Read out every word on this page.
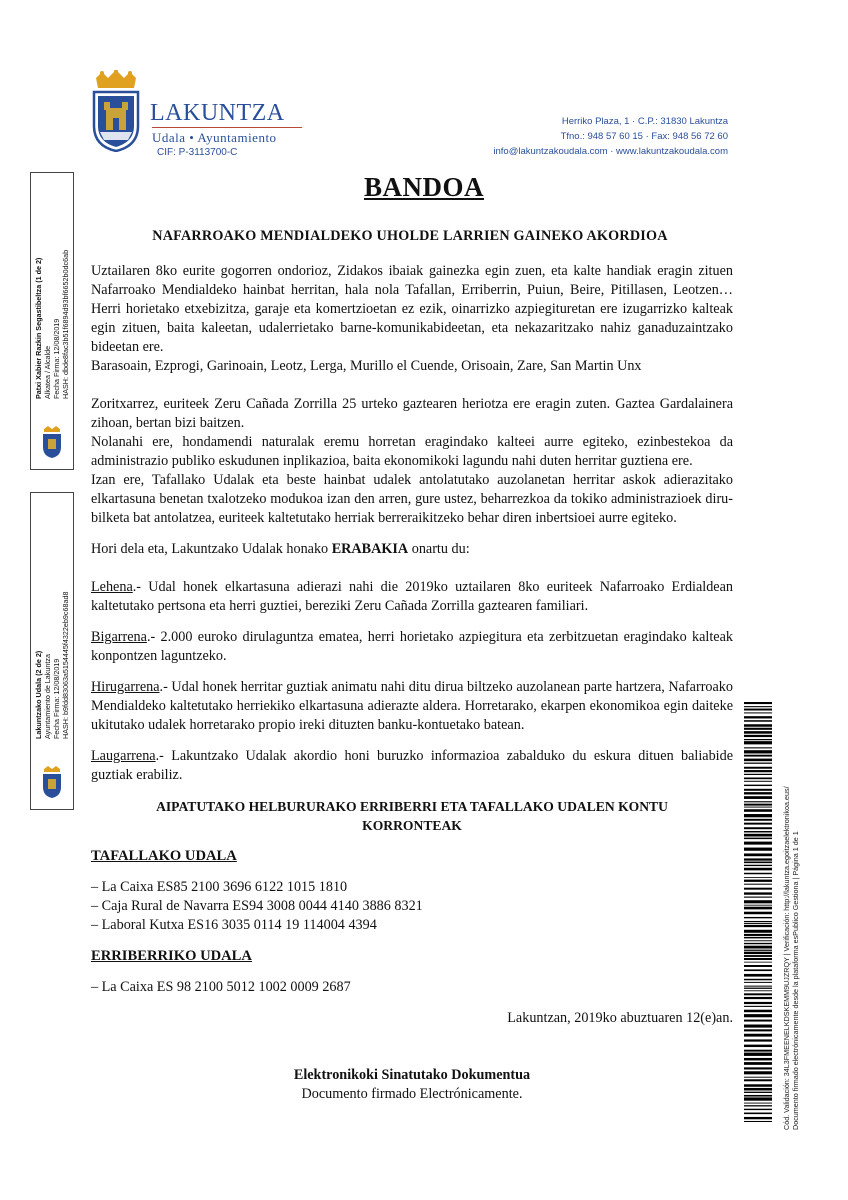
LAKUNTZA
Udala • Ayuntamiento
CIF: P-3113700-C
Herriko Plaza, 1 · C.P.: 31830 Lakuntza
Tfno.: 948 57 60 15 · Fax: 948 56 72 60
info@lakuntzakoudala.com · www.lakuntzakoudala.com
Patxi Xabier Razkin Segastibeltza (1 de 2) Alkatea / Alcalde Fecha Firma: 12/08/2019 HASH: dbde8fac3b51f6894d93bf6652b0dc6ab
Lakuntzako Udala (2 de 2) Ayuntamiento de Lakuntza Fecha Firma: 12/08/2019 HASH: b9fdd83063a5154445f4322eb9c68ad8
Cód. Validación: 34L3FMEENELKDSKEMM9UJZRQY | Verificación: http://lakuntza.egoitzaelektronikoa.eus/ Documento firmado electrónicamente desde la plataforma esPublico Gestiona | Página 1 de 1
BANDOA
NAFARROAKO MENDIALDEKO UHOLDE LARRIEN GAINEKO AKORDIOA

Uztailaren 8ko eurite gogorren ondorioz, Zidakos ibaiak gainezka egin zuen, eta kalte handiak eragin zituen Nafarroako Mendialdeko hainbat herritan, hala nola Tafallan, Erriberrin, Puiun, Beire, Pitillasen, Leotzen…Herri horietako etxebizitza, garaje eta komertzioetan ez ezik, oinarrizko azpiegituretan ere izugarrizko kalteak egin zituen, baita kaleetan, udalerrietako barne-komunikabideetan, eta nekazaritzako nahiz ganaduzaintzako bideetan ere.

Barasoain, Ezprogi, Garinoain, Leotz, Lerga, Murillo el Cuende, Orisoain, Zare, San Martin Unx

Zoritxarrez, euriteek Zeru Cañada Zorrilla 25 urteko gaztearen heriotza ere eragin zuten. Gaztea Gardalainera zihoan, bertan bizi baitzen.

Nolanahi ere, hondamendi naturalak eremu horretan eragindako kalteei aurre egiteko, ezinbestekoa da administrazio publiko eskudunen inplikazioa, baita ekonomikoki lagundu nahi duten herritar guztiena ere.

Izan ere, Tafallako Udalak eta beste hainbat udalek antolatutako auzolanetan herritar askok adierazitako elkartasuna benetan txalotzeko modukoa izan den arren, gure ustez, beharrezkoa da tokiko administrazioek diru-bilketa bat antolatzea, euriteek kaltetutako herriak berreraikitzeko behar diren inbertsioei aurre egiteko.

Hori dela eta, Lakuntzako Udalak honako ERABAKIA onartu du:

Lehena.- Udal honek elkartasuna adierazi nahi die 2019ko uztailaren 8ko euriteek Nafarroako Erdialdean kaltetutako pertsona eta herri guztiei, bereziki Zeru Cañada Zorrilla gaztearen familiari.

Bigarrena.- 2.000 euroko dirulaguntza ematea, herri horietako azpiegitura eta zerbitzuetan eragindako kalteak konpontzen laguntzeko.

Hirugarrena.- Udal honek herritar guztiak animatu nahi ditu dirua biltzeko auzolanean parte hartzera, Nafarroako Mendialdeko kaltetutako herriekiko elkartasuna adierazte aldera. Horretarako, ekarpen ekonomikoa egin daiteke ukitutako udalek horretarako propio ireki dituzten banku-kontuetako batean.

Laugarrena.- Lakuntzako Udalak akordio honi buruzko informazioa zabalduko du eskura dituen baliabide guztiak erabiliz.

AIPATUTAKO HELBURURAKO ERRIBERRI ETA TAFALLAKO UDALEN KONTU KORRONTEAK

TAFALLAKO UDALA

– La Caixa ES85 2100 3696 6122 1015 1810

– Caja Rural de Navarra ES94 3008 0044 4140 3886 8321

– Laboral Kutxa ES16 3035 0114 19 114004 4394

ERRIBERRIKO UDALA

– La Caixa ES 98 2100 5012 1002 0009 2687

Lakuntzan, 2019ko abuztuaren 12(e)an.

Elektronikoki Sinatutako Dokumentua

Documento firmado Electrónicamente.
